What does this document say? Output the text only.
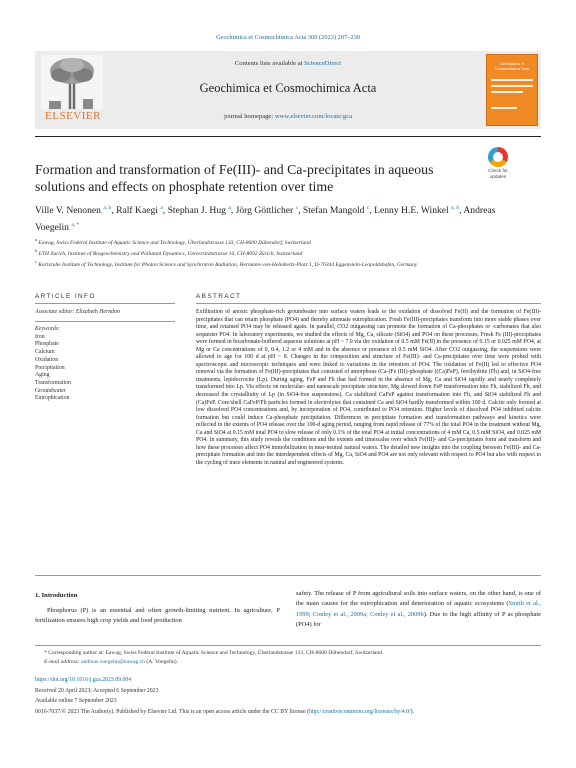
Geochimica et Cosmochimica Acta 360 (2023) 207–230
ELSEVIER
Contents lists available at ScienceDirect
Geochimica et Cosmochimica Acta
journal homepage: www.elsevier.com/locate/gca
Geochimica et Cosmochimica Acta
Formation and transformation of Fe(III)- and Ca-precipitates in aqueous solutions and effects on phosphate retention over time
Check for updates
Ville V. Nenonen $^{a, b}$, Ralf Kaegi $^a$, Stephan J. Hug $^a$, Jörg Göttlicher $^c$, Stefan Mangold $^c$, Lenny H.E. Winkel $^{a, b}$, Andreas Voegelin $^{a, *}$
$^a$ Eawag, Swiss Federal Institute of Aquatic Science and Technology, Überlandstrasse 133, CH-8600 Dübendorf, Switzerland
$^b$ ETH Zurich, Institute of Biogeochemistry and Pollutant Dynamics, Universitätstrasse 16, CH-8092 Zürich, Switzerland
$^c$ Karlsruhe Institute of Technology, Institute for Photon Science and Synchrotron Radiation, Hermann-von-Helmholtz-Platz 1, D-76344 Eggenstein-Leopoldshafen, Germany
ARTICLE INFO	ABSTRACT
Associate editor: Elizabeth Herndon
Keywords:
Iron
Phosphate
Calcium
Oxidation
Precipitation
Aging
Transformation
Groundwater
Eutrophication
Exfiltration of anoxic phosphate-rich groundwater into surface waters leads to the oxidation of dissolved Fe(II) and the formation of Fe(III)-precipitates that can retain phosphate (PO4) and thereby attenuate eutrophication. Fresh Fe(III)-precipitates transform into more stable phases over time, and retained PO4 may be released again. In parallel, CO2 outgassing can promote the formation of Ca-phosphates or -carbonates that also sequester PO4. In laboratory experiments, we studied the effects of Mg, Ca, silicate (SiO4) and PO4 on these processes. Fresh Fe (III)-precipitates were formed in bicarbonate-buffered aqueous solutions at pH ~ 7.0 via the oxidation of 0.5 mM Fe(II) in the presence of 0.15 or 0.025 mM PO4, at Mg or Ca concentrations of 0, 0.4, 1.2 or 4 mM and in the absence or presence of 0.5 mM SiO4. After CO2 outgassing, the suspensions were allowed to age for 100 d at pH ~ 8. Changes in the composition and structure of Fe(III)- and Ca-precipitates over time were probed with spectroscopic and microscopic techniques and were linked to variations in the retention of PO4. The oxidation of Fe(II) led to effective PO4 removal via the formation of Fe(III)-precipitates that consisted of amorphous (Ca-)Fe (III)-phosphate ((Ca)FeP), ferrihydrite (Fh) and, in SiO4-free treatments, lepidocrocite (Lp). During aging, FeP and Fh that had formed in the absence of Mg, Ca and SiO4 rapidly and nearly completely transformed into Lp. Via effects on molecular- and nanoscale precipitate structure, Mg slowed down FeP transformation into Fh, stabilized Fh, and decreased the crystallinity of Lp (in SiO4-free suspensions). Ca stabilized CaFeP against transformation into Fh, and SiO4 stabilized Fh and (Ca)FeP. Core/shell CaFeP/Fh particles formed in electrolytes that contained Ca and SiO4 hardly transformed within 100 d. Calcite only formed at low dissolved PO4 concentrations and, by incorporation of PO4, contributed to PO4 retention. Higher levels of dissolved PO4 inhibited calcite formation but could induce Ca-phosphate precipitation. Differences in precipitate formation and transformation pathways and kinetics were reflected in the extents of PO4 release over the 100-d aging period, ranging from rapid release of 77% of the total PO4 in the treatment without Mg, Ca and SiO4 at 0.15 mM total PO4 to slow release of only 0.1% of the total PO4 at initial concentrations of 4 mM Ca, 0.5 mM SiO4, and 0.025 mM PO4. In summary, this study reveals the conditions and the extents and timescales over which Fe(III)- and Ca-precipitates form and transform and how these processes affect PO4 immobilization in near-neutral natural waters. The detailed new insights into the coupling between Fe(III)- and Ca-precipitate formation and into the interdependent effects of Mg, Ca, SiO4 and PO4 are not only relevant with respect to PO4 but also with respect to the cycling of trace elements in natural and engineered systems.
1. Introduction
Phosphorus (P) is an essential and often growth-limiting nutrient. In agriculture, P fertilization ensures high crop yields and food production
safety. The release of P from agricultural soils into surface waters, on the other hand, is one of the main causes for the eutrophication and deterioration of aquatic ecosystems (Smith et al., 1999; Conley et al., 2009a; Conley et al., 2009b). Due to the high affinity of P as phosphate (PO4) for
* Corresponding author at: Eawag, Swiss Federal Institute of Aquatic Science and Technology, Überlandstrasse 133, CH-8600 Dübendorf, Switzerland.
E-mail address: andreas.voegelin@eawag.ch (A. Voegelin).
https://doi.org/10.1016/j.gca.2023.09.004
Received 20 April 2023; Accepted 6 September 2023
Available online 7 September 2023
0016-7037/© 2023 The Author(s). Published by Elsevier Ltd. This is an open access article under the CC BY license (http://creativecommons.org/licenses/by/4.0/).
